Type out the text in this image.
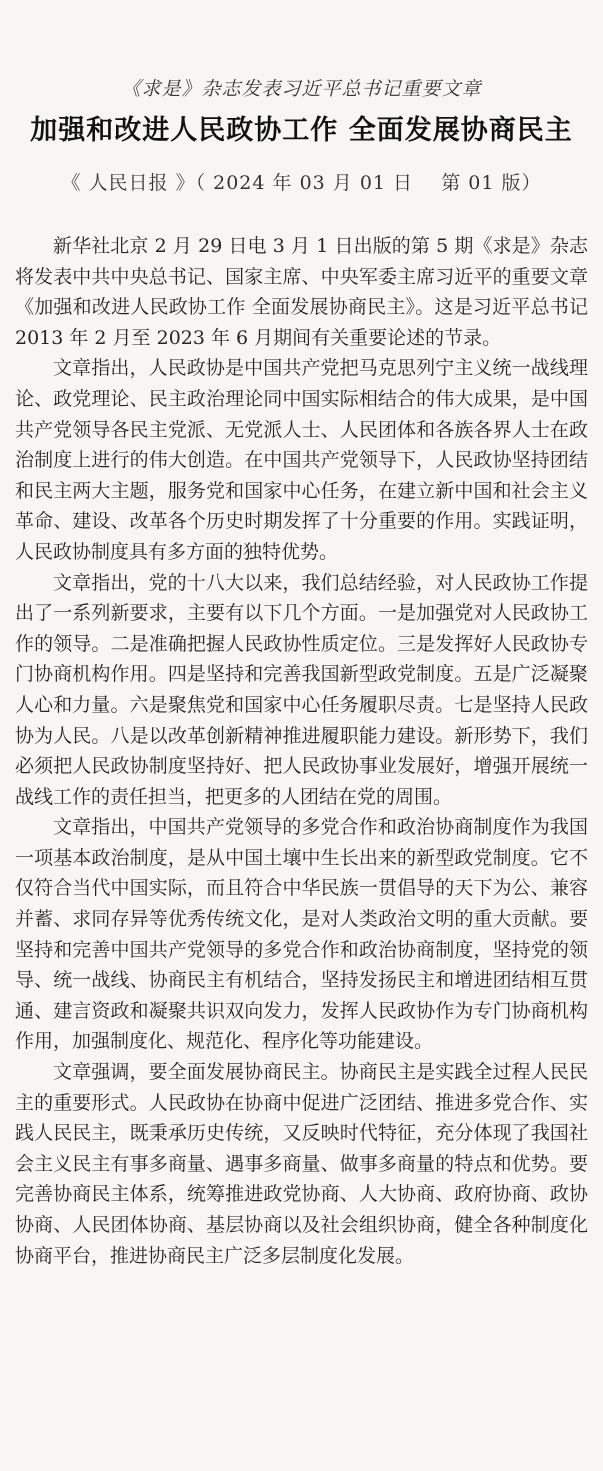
《求是》杂志发表习近平总书记重要文章
加强和改进人民政协工作 全面发展协商民主
《 人民日报 》（ 2024 年 03 月 01 日    第 01 版）

新华社北京 2 月 29 日电 3 月 1 日出版的第 5 期《求是》杂志将发表中共中央总书记、国家主席、中央军委主席习近平的重要文章《加强和改进人民政协工作 全面发展协商民主》。这是习近平总书记 2013 年 2 月至 2023 年 6 月期间有关重要论述的节录。

文章指出，人民政协是中国共产党把马克思列宁主义统一战线理论、政党理论、民主政治理论同中国实际相结合的伟大成果，是中国共产党领导各民主党派、无党派人士、人民团体和各族各界人士在政治制度上进行的伟大创造。在中国共产党领导下，人民政协坚持团结和民主两大主题，服务党和国家中心任务，在建立新中国和社会主义革命、建设、改革各个历史时期发挥了十分重要的作用。实践证明，人民政协制度具有多方面的独特优势。

文章指出，党的十八大以来，我们总结经验，对人民政协工作提出了一系列新要求，主要有以下几个方面。一是加强党对人民政协工作的领导。二是准确把握人民政协性质定位。三是发挥好人民政协专门协商机构作用。四是坚持和完善我国新型政党制度。五是广泛凝聚人心和力量。六是聚焦党和国家中心任务履职尽责。七是坚持人民政协为人民。八是以改革创新精神推进履职能力建设。新形势下，我们必须把人民政协制度坚持好、把人民政协事业发展好，增强开展统一战线工作的责任担当，把更多的人团结在党的周围。

文章指出，中国共产党领导的多党合作和政治协商制度作为我国一项基本政治制度，是从中国土壤中生长出来的新型政党制度。它不仅符合当代中国实际，而且符合中华民族一贯倡导的天下为公、兼容并蓄、求同存异等优秀传统文化，是对人类政治文明的重大贡献。要坚持和完善中国共产党领导的多党合作和政治协商制度，坚持党的领导、统一战线、协商民主有机结合，坚持发扬民主和增进团结相互贯通、建言资政和凝聚共识双向发力，发挥人民政协作为专门协商机构作用，加强制度化、规范化、程序化等功能建设。

文章强调，要全面发展协商民主。协商民主是实践全过程人民民主的重要形式。人民政协在协商中促进广泛团结、推进多党合作、实践人民民主，既秉承历史传统，又反映时代特征，充分体现了我国社会主义民主有事多商量、遇事多商量、做事多商量的特点和优势。要完善协商民主体系，统筹推进政党协商、人大协商、政府协商、政协协商、人民团体协商、基层协商以及社会组织协商，健全各种制度化协商平台，推进协商民主广泛多层制度化发展。
